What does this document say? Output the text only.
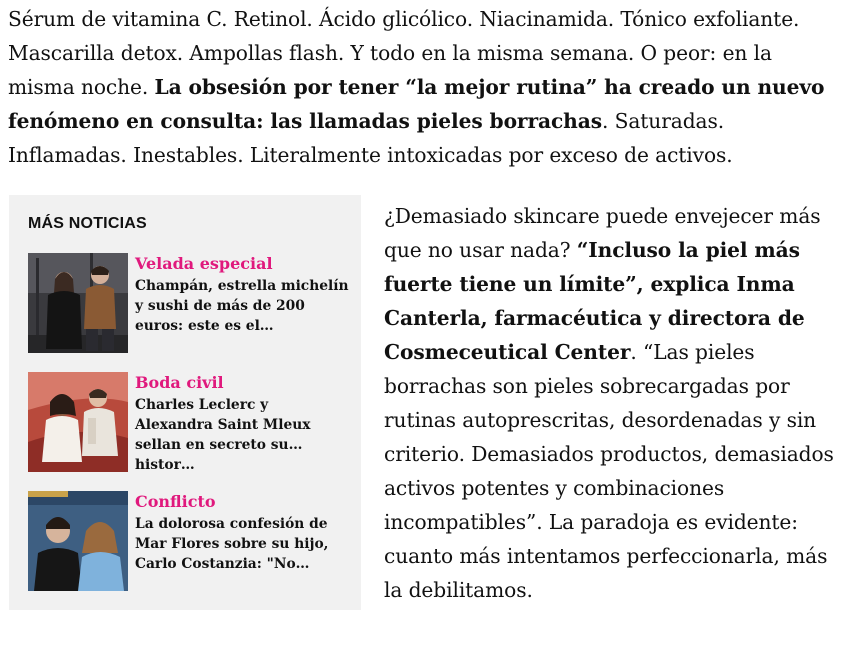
Sérum de vitamina C. Retinol. Ácido glicólico. Niacinamida. Tónico exfoliante. Mascarilla detox. Ampollas flash. Y todo en la misma semana. O peor: en la misma noche. La obsesión por tener “la mejor rutina” ha creado un nuevo fenómeno en consulta: las llamadas pieles borrachas. Saturadas. Inflamadas. Inestables. Literalmente intoxicadas por exceso de activos.

MÁS NOTICIAS
Velada especial
Champán, estrella michelín y sushi de más de 200 euros: este es el…
Boda civil
Charles Leclerc y Alexandra Saint Mleux sellan en secreto su histor…
Conflicto
La dolorosa confesión de Mar Flores sobre su hijo, Carlo Costanzia: "No…

¿Demasiado skincare puede envejecer más que no usar nada? “Incluso la piel más fuerte tiene un límite”, explica Inma Canterla, farmacéutica y directora de Cosmeceutical Center. “Las pieles borrachas son pieles sobrecargadas por rutinas autoprescritas, desordenadas y sin criterio. Demasiados productos, demasiados activos potentes y combinaciones incompatibles”. La paradoja es evidente: cuanto más intentamos perfeccionarla, más la debilitamos.
